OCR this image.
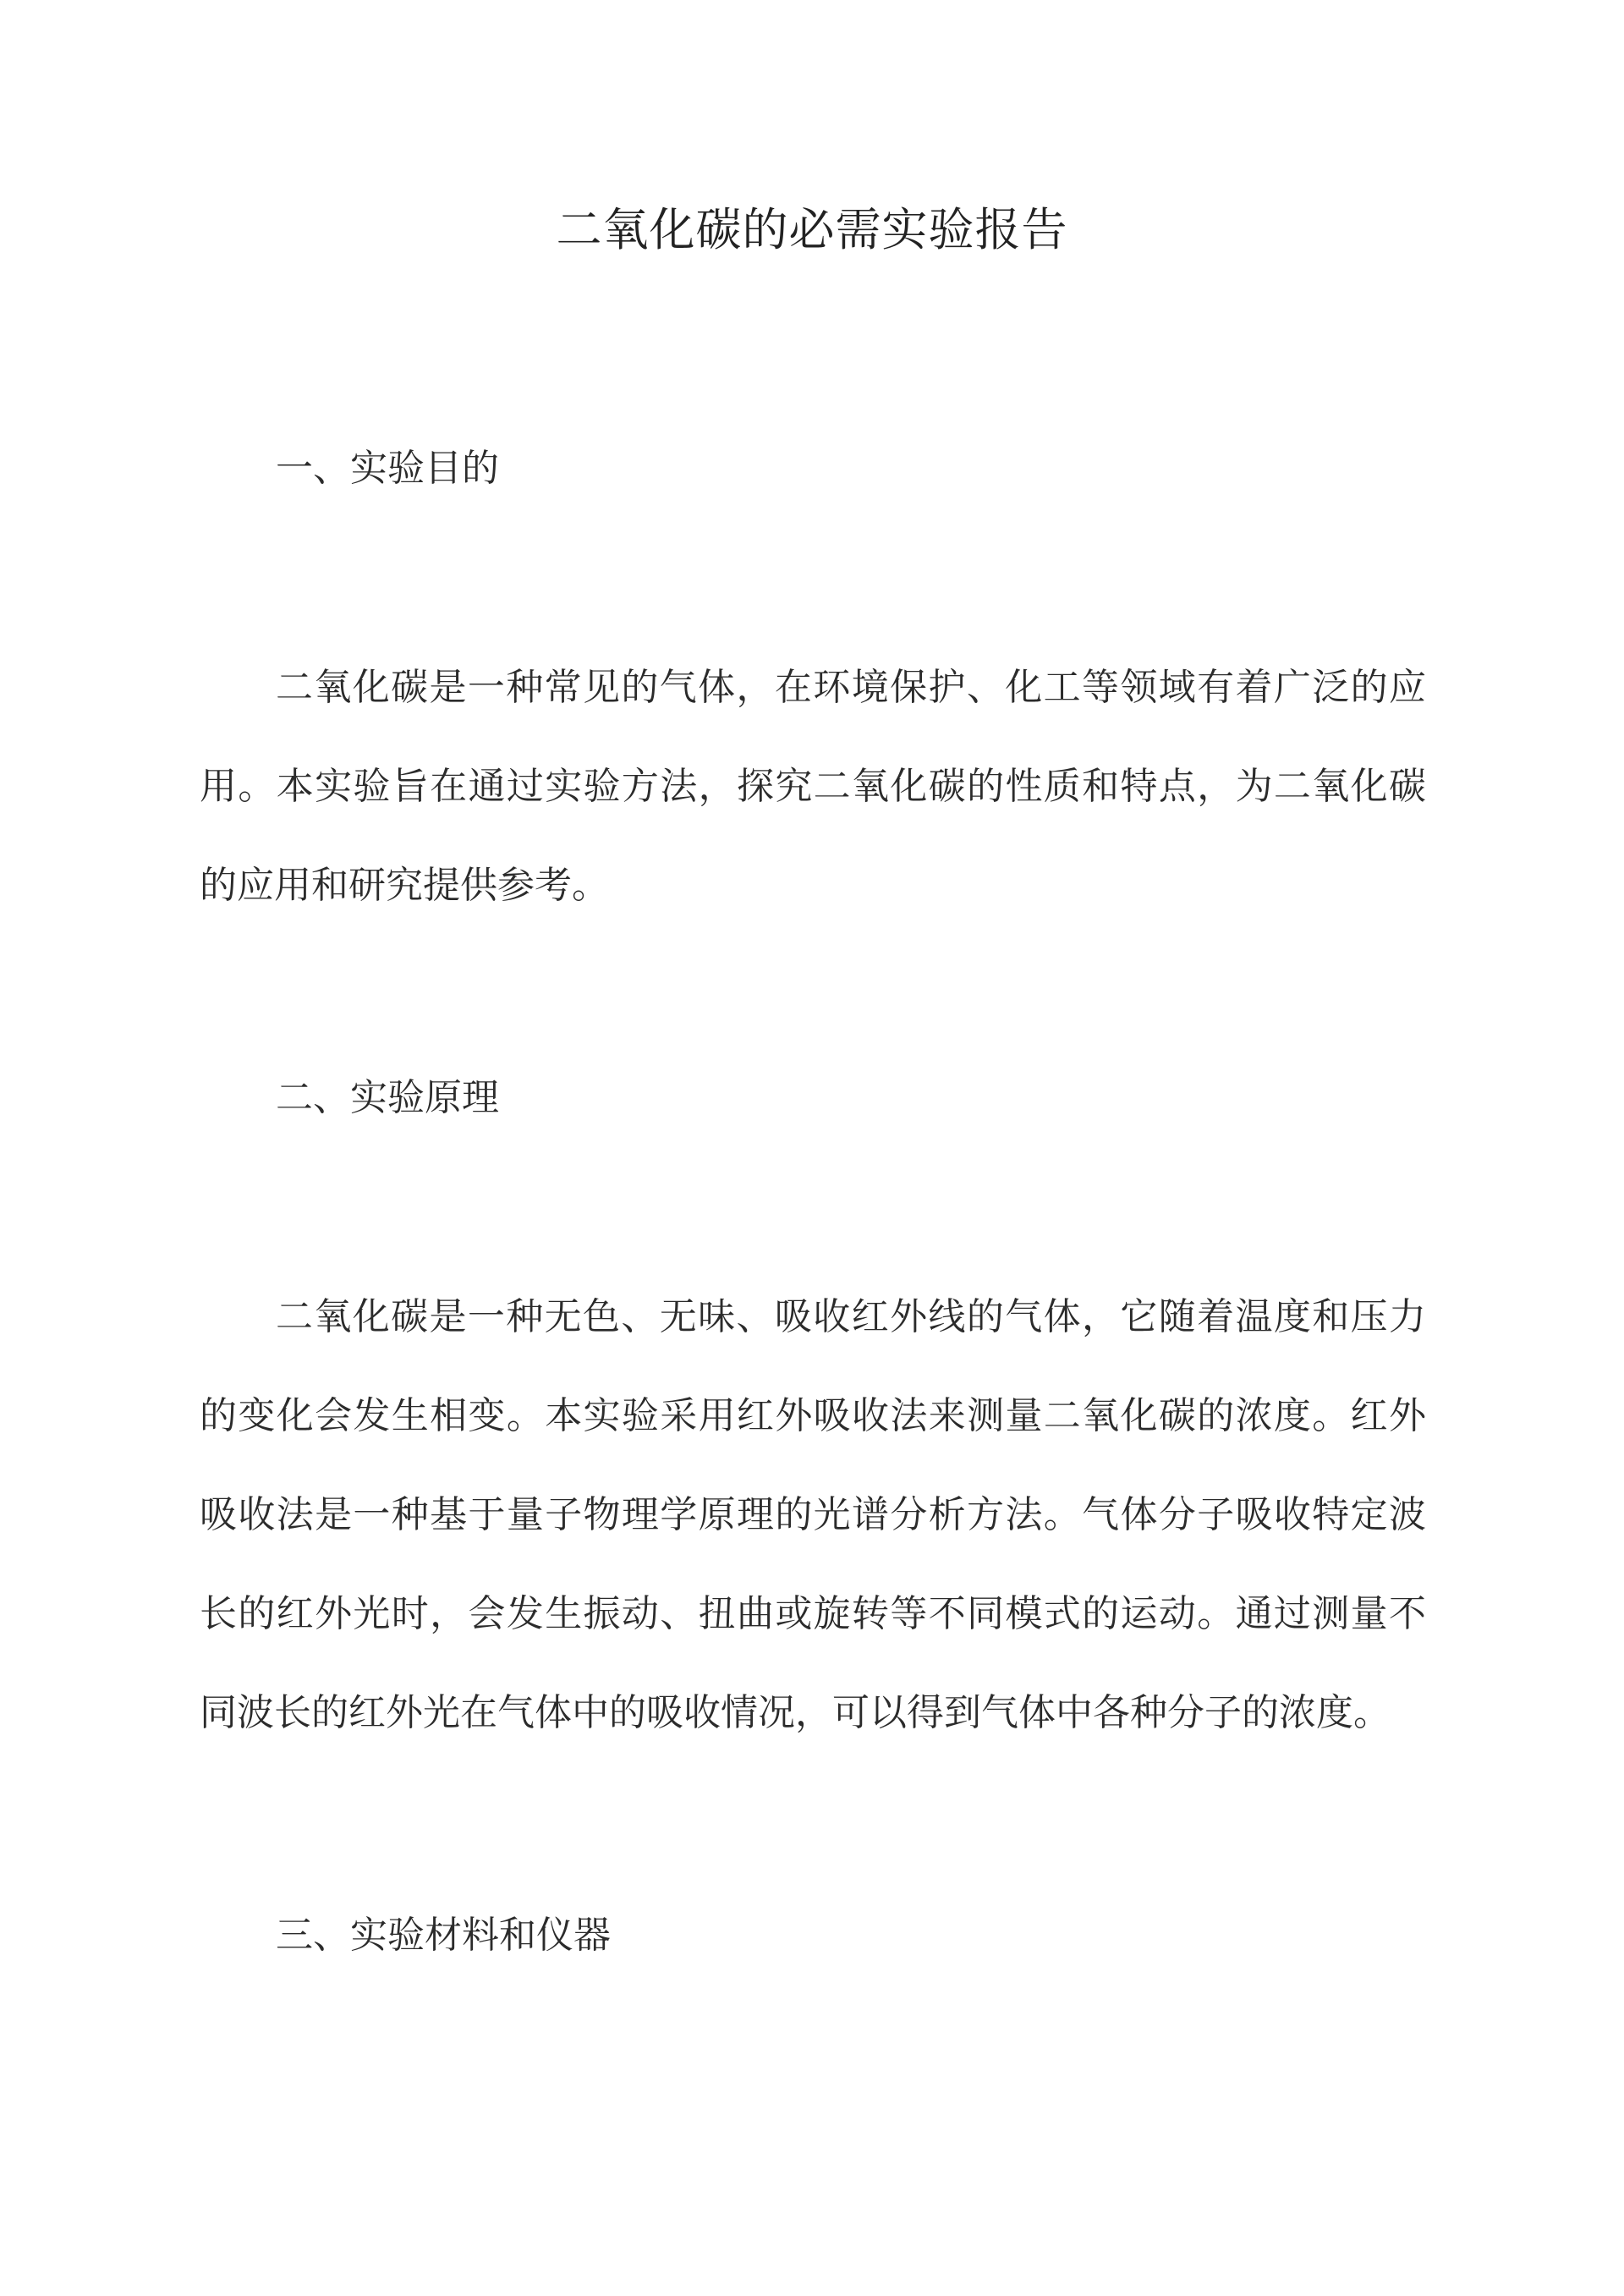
二氧化碳的必需实验报告
一、实验目的

二氧化碳是一种常见的气体，在环境保护、化工等领域有着广泛的应用。本实验旨在通过实验方法，探究二氧化碳的性质和特点，为二氧化碳的应用和研究提供参考。

二、实验原理

二氧化碳是一种无色、无味、吸收红外线的气体，它随着温度和压力的变化会发生相变。本实验采用红外吸收法来测量二氧化碳的浓度。红外吸收法是一种基于量子物理学原理的光谱分析方法。气体分子吸收特定波长的红外光时，会发生振动、扭曲或旋转等不同模式的运动。通过测量不同波长的红外光在气体中的吸收情况，可以得到气体中各种分子的浓度。

三、实验材料和仪器
